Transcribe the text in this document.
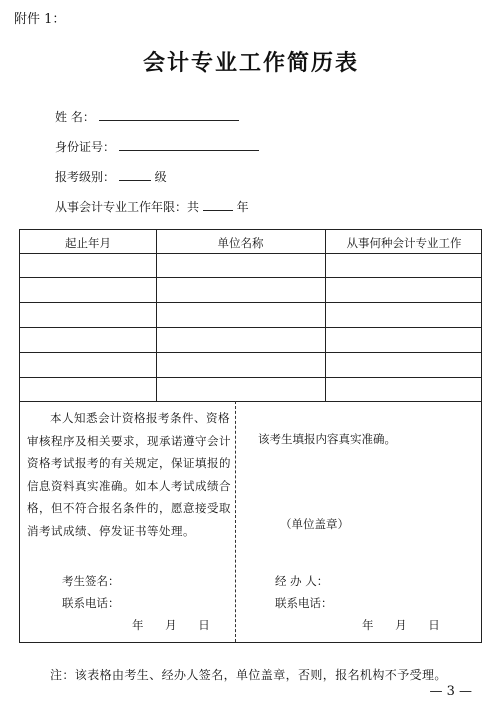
附件 1：
会计专业工作简历表
姓 名：
身份证号：
报考级别：	级
从事会计专业工作年限：共	年
起止年月	单位名称	从事何种会计专业工作
本人知悉会计资格报考条件、资格审核程序及相关要求，现承诺遵守会计资格考试报考的有关规定，保证填报的信息资料真实准确。如本人考试成绩合格，但不符合报名条件的，愿意接受取消考试成绩、停发证书等处理。
考生签名：
联系电话：
年 月 日
该考生填报内容真实准确。
（单位盖章）
经 办 人：
联系电话：
年 月 日
注：该表格由考生、经办人签名，单位盖章，否则，报名机构不予受理。
— 3 —
